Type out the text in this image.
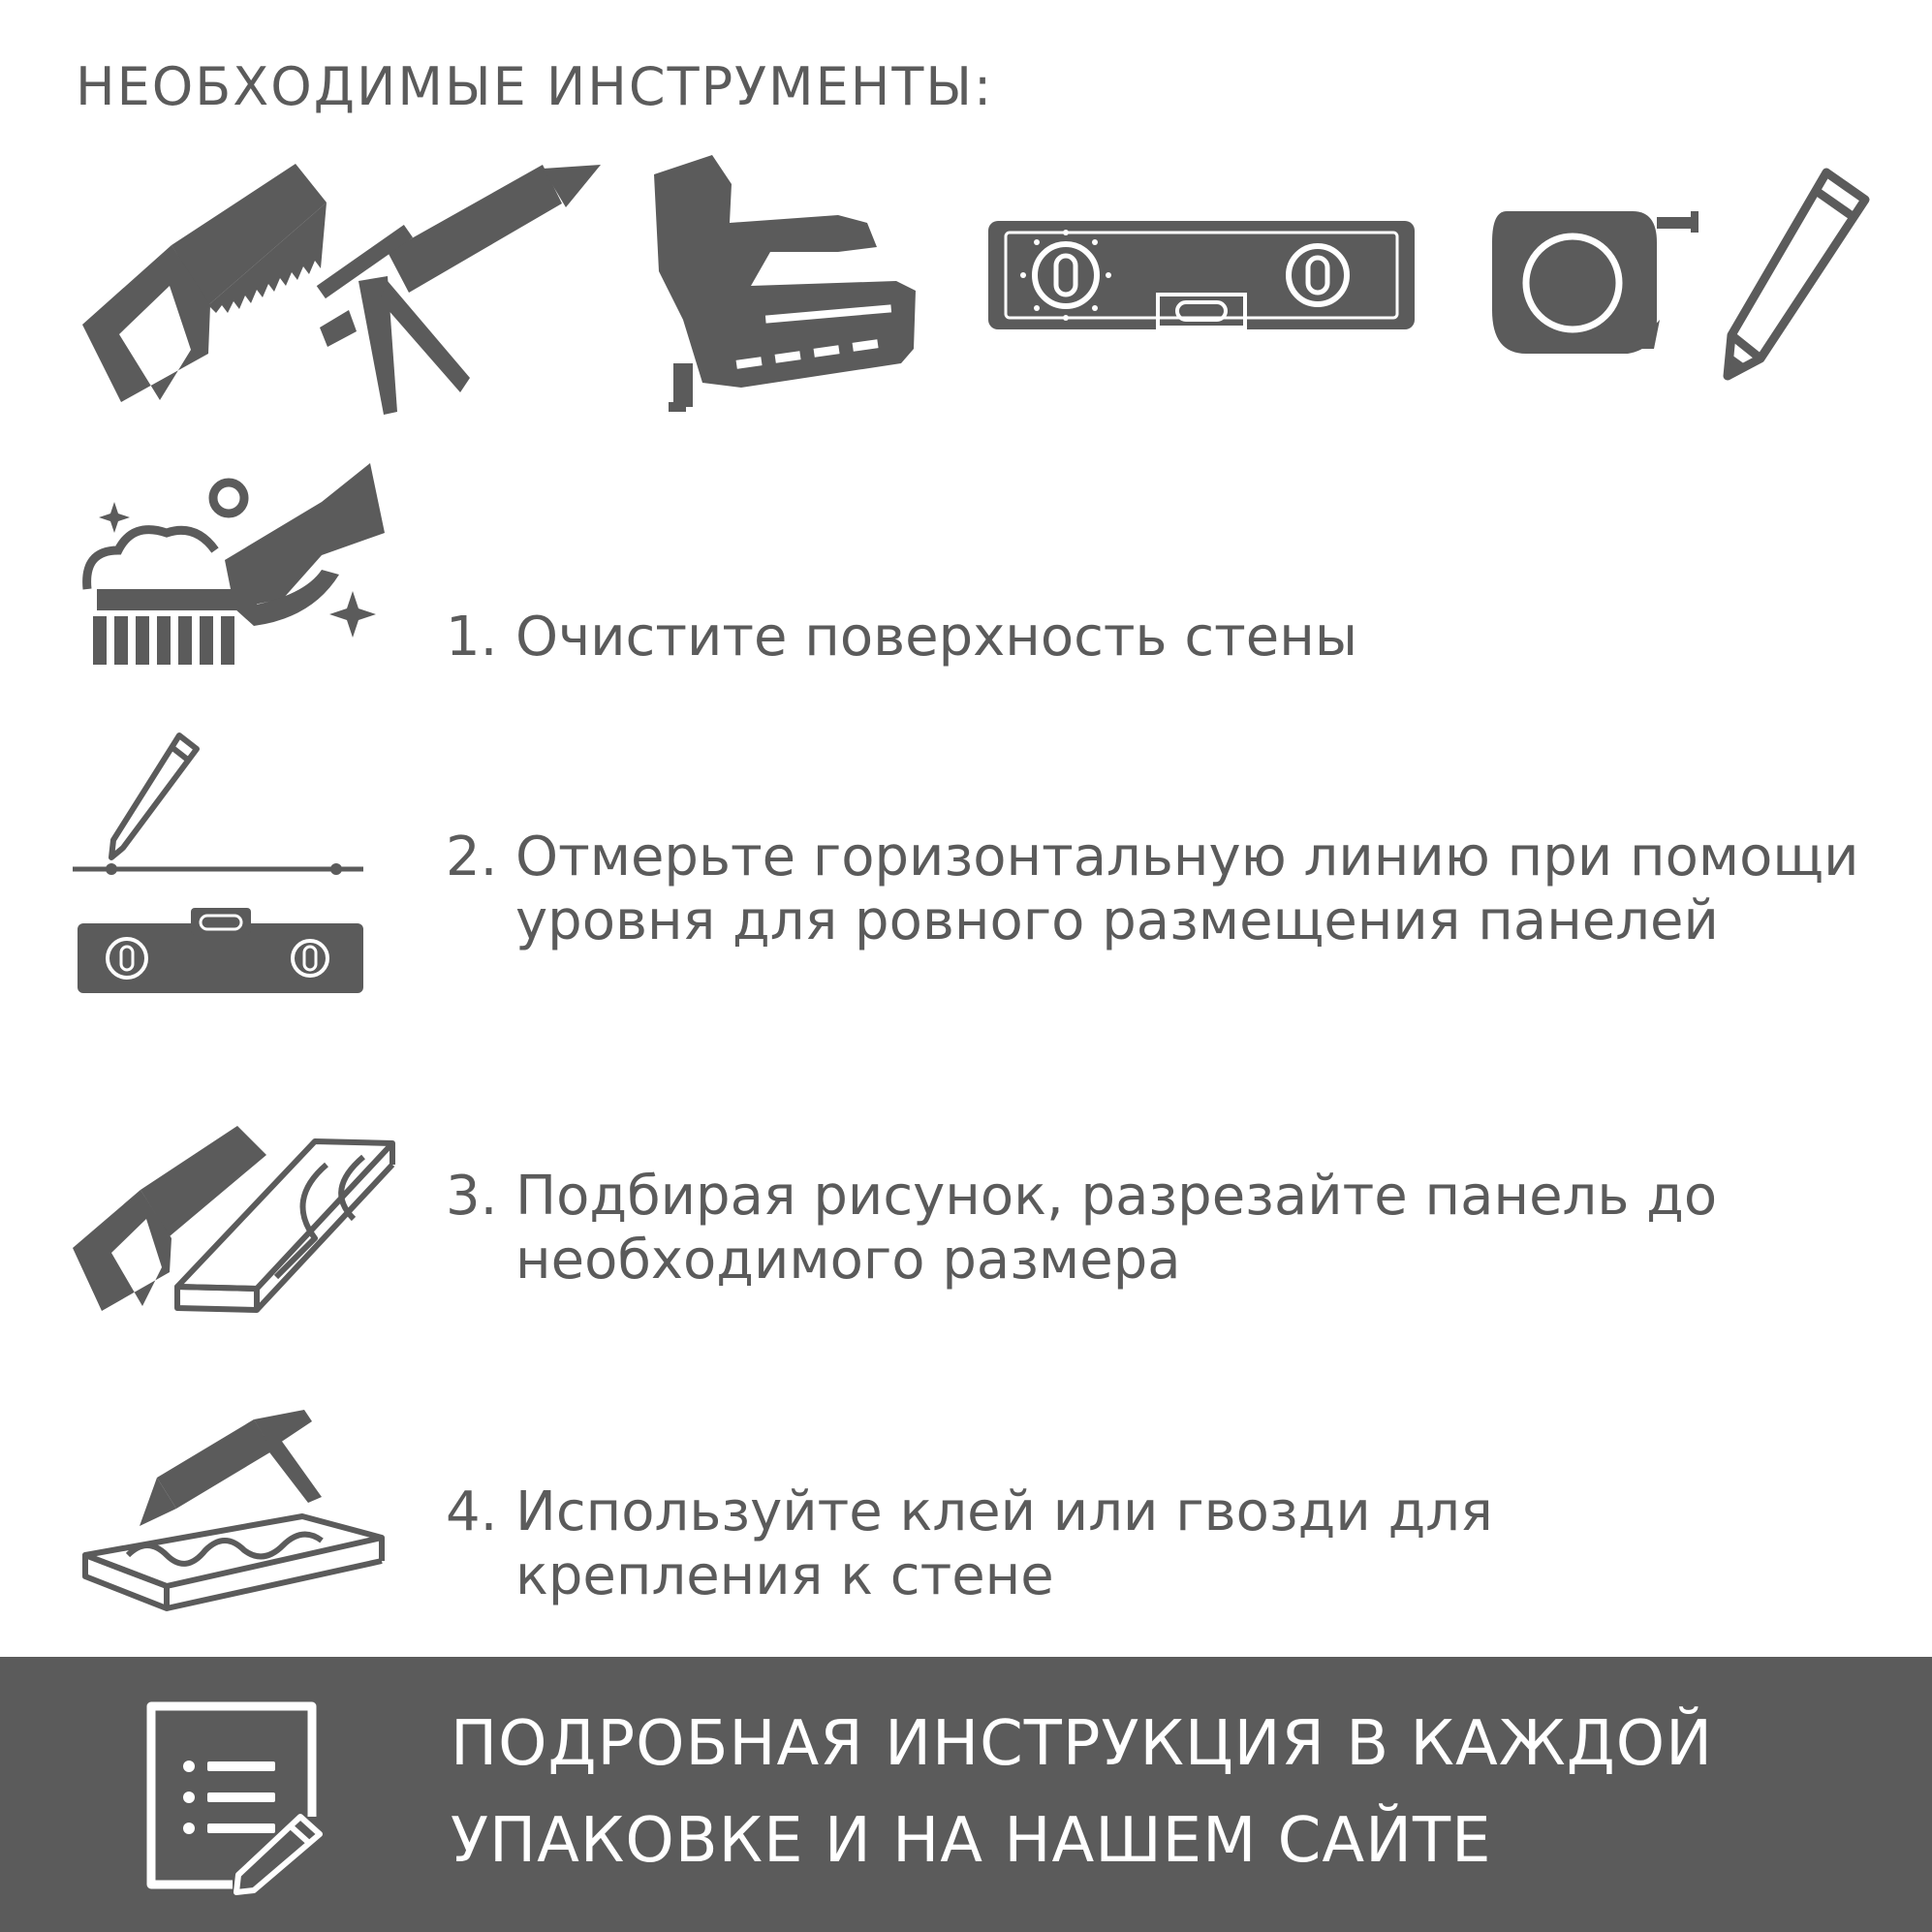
НЕОБХОДИМЫЕ ИНСТРУМЕНТЫ:
1. Очистите поверхность стены
2. Отмерьте горизонтальную линию при помощи уровня для ровного размещения панелей
3. Подбирая рисунок, разрезайте панель до необходимого размера
4. Используйте клей или гвозди для крепления к стене
ПОДРОБНАЯ ИНСТРУКЦИЯ В КАЖДОЙ УПАКОВКЕ И НА НАШЕМ САЙТЕ
